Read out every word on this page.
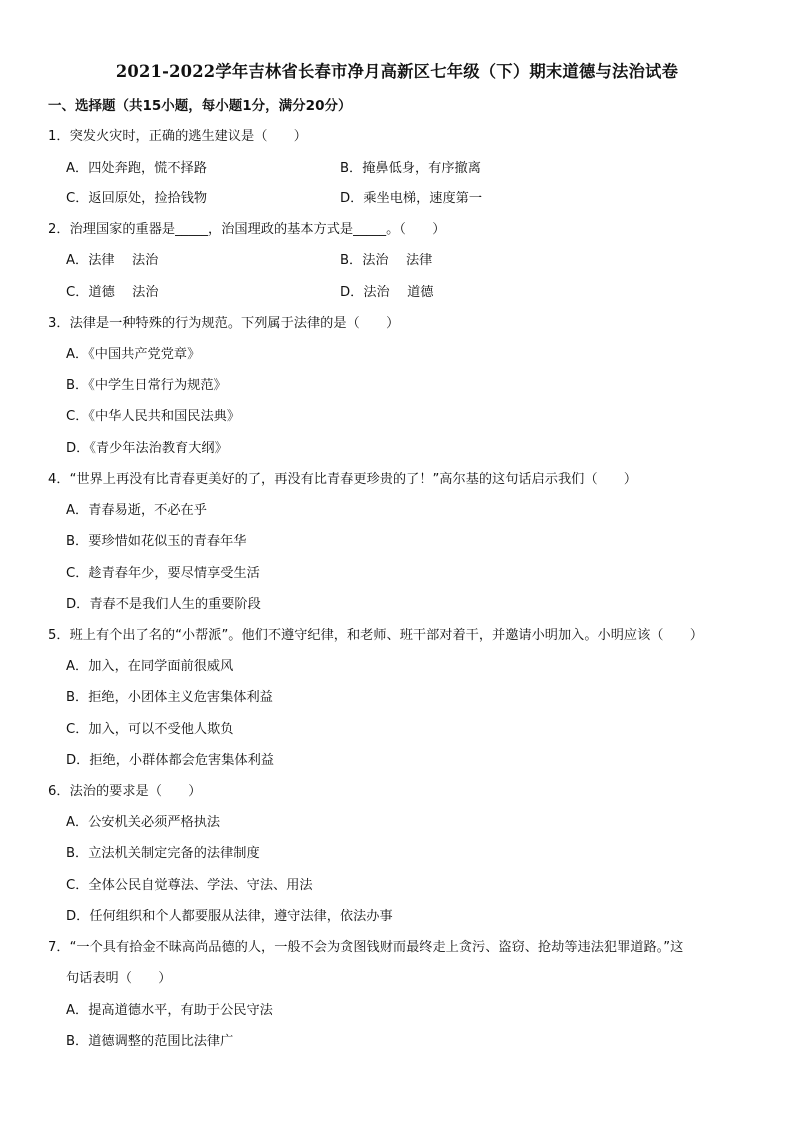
2021-2022学年吉林省长春市净月高新区七年级（下）期末道德与法治试卷
一、选择题（共15小题，每小题1分，满分20分）
1．突发火灾时，正确的逃生建议是（　　）
A．四处奔跑，慌不择路	B．掩鼻低身，有序撤离
C．返回原处，捡拾钱物	D．乘坐电梯，速度第一
2．治理国家的重器是_____，治国理政的基本方式是_____。（　　）
A．法律　 法治	B．法治　 法律
C．道德　 法治	D．法治　 道德
3．法律是一种特殊的行为规范。下列属于法律的是（　　）
A．《中国共产党党章》
B．《中学生日常行为规范》
C．《中华人民共和国民法典》
D．《青少年法治教育大纲》
4．“世界上再没有比青春更美好的了，再没有比青春更珍贵的了！”高尔基的这句话启示我们（　　）
A．青春易逝，不必在乎
B．要珍惜如花似玉的青春年华
C．趁青春年少，要尽情享受生活
D．青春不是我们人生的重要阶段
5．班上有个出了名的“小帮派”。他们不遵守纪律，和老师、班干部对着干，并邀请小明加入。小明应该（　　）
A．加入，在同学面前很威风
B．拒绝，小团体主义危害集体利益
C．加入，可以不受他人欺负
D．拒绝，小群体都会危害集体利益
6．法治的要求是（　　）
A．公安机关必须严格执法
B．立法机关制定完备的法律制度
C．全体公民自觉尊法、学法、守法、用法
D．任何组织和个人都要服从法律，遵守法律，依法办事
7．“一个具有拾金不昧高尚品德的人，一般不会为贪图钱财而最终走上贪污、盗窃、抢劫等违法犯罪道路。”这
句话表明（　　）
A．提高道德水平，有助于公民守法
B．道德调整的范围比法律广
